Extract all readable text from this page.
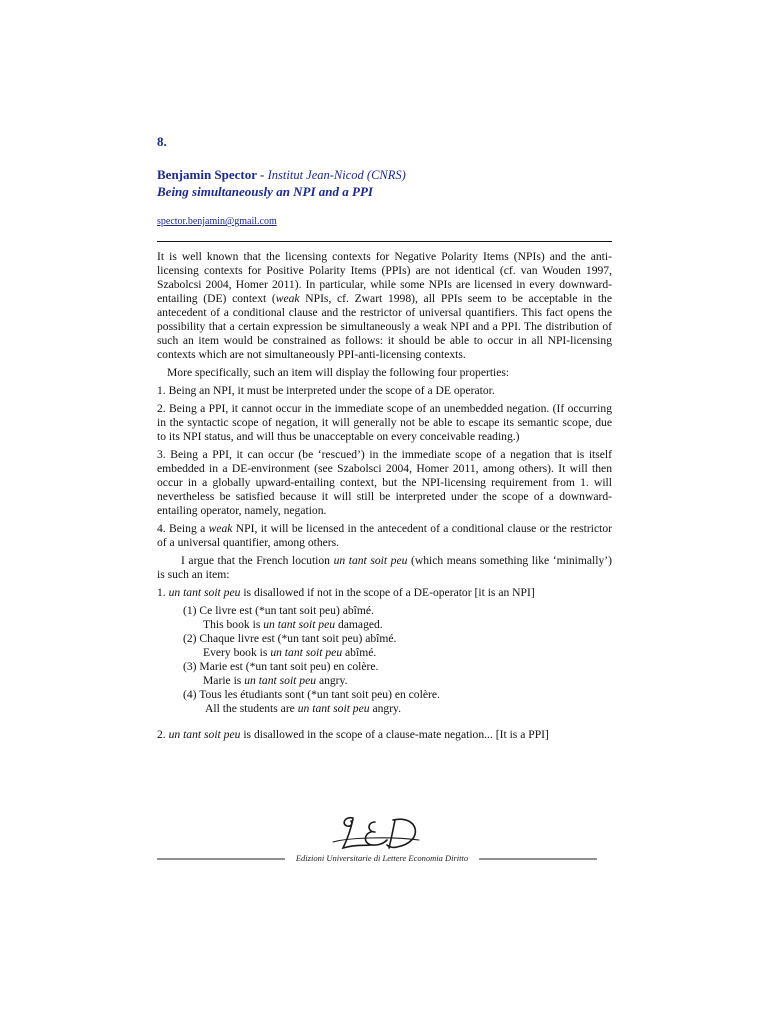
8.
Benjamin Spector - Institut Jean-Nicod (CNRS)
Being simultaneously an NPI and a PPI
spector.benjamin@gmail.com

It is well known that the licensing contexts for Negative Polarity Items (NPIs) and the anti-licensing contexts for Positive Polarity Items (PPIs) are not identical (cf. van Wouden 1997, Szabolcsi 2004, Homer 2011). In particular, while some NPIs are licensed in every downward-entailing (DE) context (weak NPIs, cf. Zwart 1998), all PPIs seem to be acceptable in the antecedent of a conditional clause and the restrictor of universal quantifiers. This fact opens the possibility that a certain expression be simultaneously a weak NPI and a PPI. The distribution of such an item would be constrained as follows: it should be able to occur in all NPI-licensing contexts which are not simultaneously PPI-anti-licensing contexts.

More specifically, such an item will display the following four properties:

1. Being an NPI, it must be interpreted under the scope of a DE operator.

2. Being a PPI, it cannot occur in the immediate scope of an unembedded negation. (If occurring in the syntactic scope of negation, it will generally not be able to escape its semantic scope, due to its NPI status, and will thus be unacceptable on every conceivable reading.)

3. Being a PPI, it can occur (be ‘rescued’) in the immediate scope of a negation that is itself embedded in a DE-environment (see Szabolsci 2004, Homer 2011, among others). It will then occur in a globally upward-entailing context, but the NPI-licensing requirement from 1. will nevertheless be satisfied because it will still be interpreted under the scope of a downward-entailing operator, namely, negation.

4. Being a weak NPI, it will be licensed in the antecedent of a conditional clause or the restrictor of a universal quantifier, among others.

I argue that the French locution un tant soit peu (which means something like ‘minimally’) is such an item:

1. un tant soit peu is disallowed if not in the scope of a DE-operator [it is an NPI]

(1) Ce livre est (*un tant soit peu) abîmé.
This book is un tant soit peu damaged.
(2) Chaque livre est (*un tant soit peu) abîmé.
Every book is un tant soit peu abîmé.
(3) Marie est (*un tant soit peu) en colère.
Marie is un tant soit peu angry.
(4) Tous les étudiants sont (*un tant soit peu) en colère.
All the students are un tant soit peu angry.

2. un tant soit peu is disallowed in the scope of a clause-mate negation... [It is a PPI]

Edizioni Universitarie di Lettere Economia Diritto
